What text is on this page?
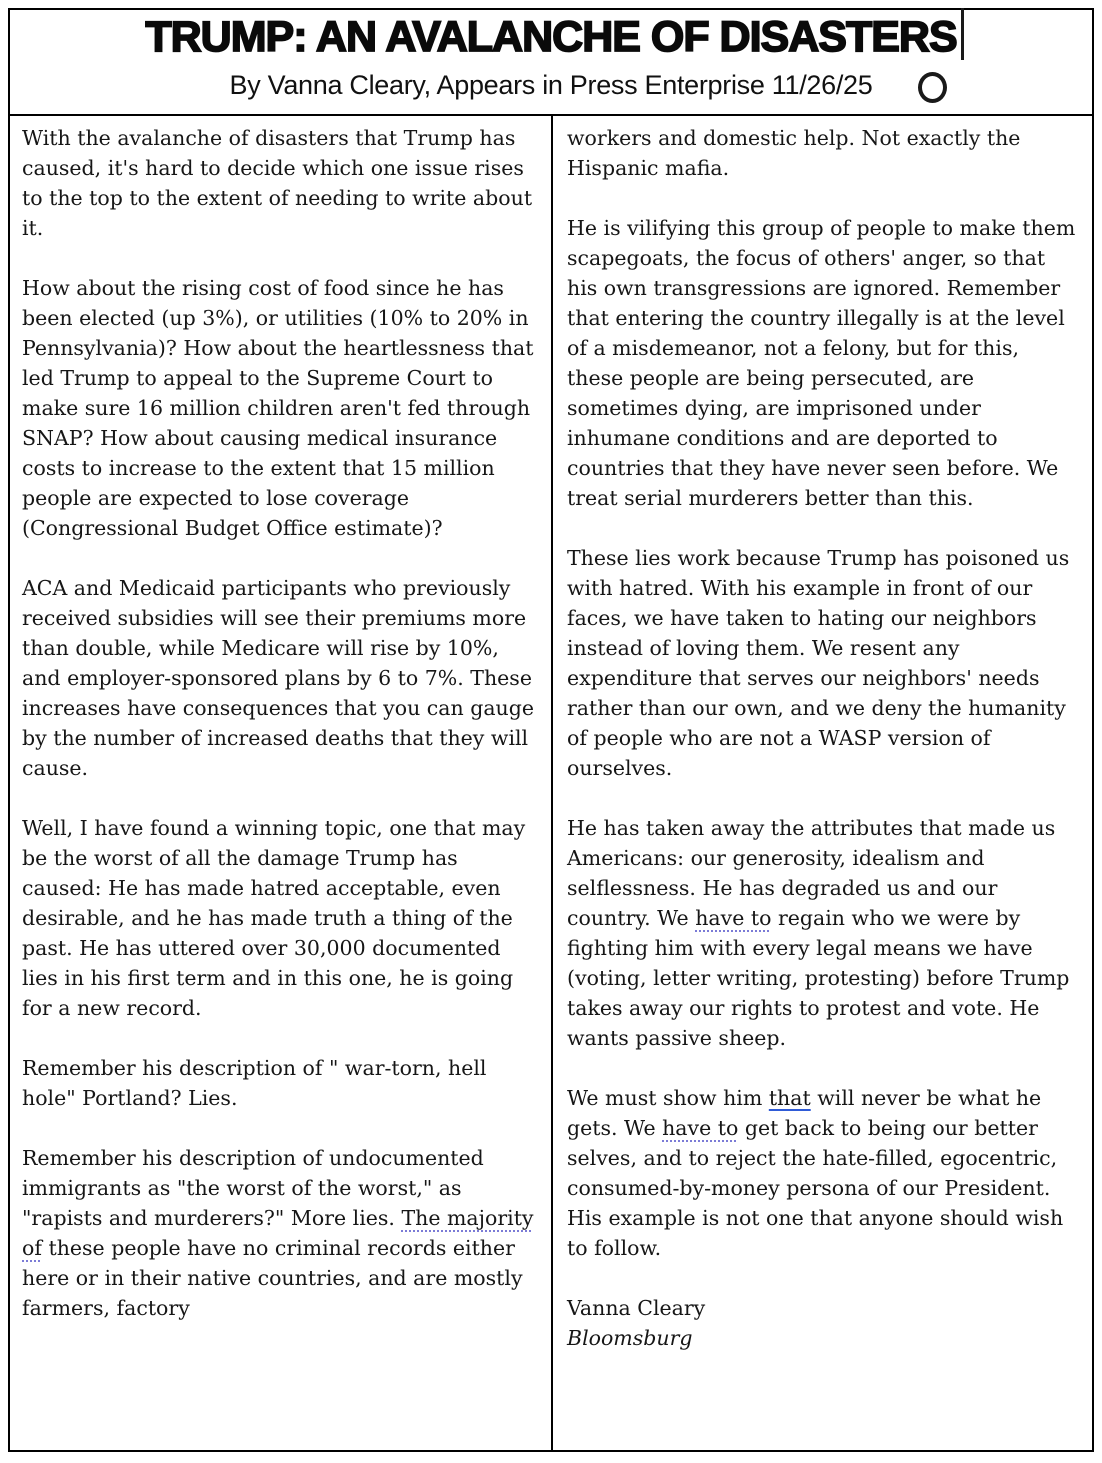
TRUMP: AN AVALANCHE OF DISASTERS
By Vanna Cleary, Appears in Press Enterprise 11/26/25

With the avalanche of disasters that Trump has caused, it's hard to decide which one issue rises to the top to the extent of needing to write about it.

How about the rising cost of food since he has been elected (up 3%), or utilities (10% to 20% in Pennsylvania)? How about the heartlessness that led Trump to appeal to the Supreme Court to make sure 16 million children aren't fed through SNAP? How about causing medical insurance costs to increase to the extent that 15 million people are expected to lose coverage (Congressional Budget Office estimate)?

ACA and Medicaid participants who previously received subsidies will see their premiums more than double, while Medicare will rise by 10%, and employer-sponsored plans by 6 to 7%. These increases have consequences that you can gauge by the number of increased deaths that they will cause.

Well, I have found a winning topic, one that may be the worst of all the damage Trump has caused: He has made hatred acceptable, even desirable, and he has made truth a thing of the past. He has uttered over 30,000 documented lies in his first term and in this one, he is going for a new record.

Remember his description of " war-torn, hell hole" Portland? Lies.

Remember his description of undocumented immigrants as "the worst of the worst," as "rapists and murderers?" More lies. The majority of these people have no criminal records either here or in their native countries, and are mostly farmers, factory

workers and domestic help. Not exactly the Hispanic mafia.

He is vilifying this group of people to make them scapegoats, the focus of others' anger, so that his own transgressions are ignored. Remember that entering the country illegally is at the level of a misdemeanor, not a felony, but for this, these people are being persecuted, are sometimes dying, are imprisoned under inhumane conditions and are deported to countries that they have never seen before. We treat serial murderers better than this.

These lies work because Trump has poisoned us with hatred. With his example in front of our faces, we have taken to hating our neighbors instead of loving them. We resent any expenditure that serves our neighbors' needs rather than our own, and we deny the humanity of people who are not a WASP version of ourselves.

He has taken away the attributes that made us Americans: our generosity, idealism and selflessness. He has degraded us and our country. We have to regain who we were by fighting him with every legal means we have (voting, letter writing, protesting) before Trump takes away our rights to protest and vote. He wants passive sheep.

We must show him that will never be what he gets. We have to get back to being our better selves, and to reject the hate-filled, egocentric, consumed-by-money persona of our President. His example is not one that anyone should wish to follow.

Vanna Cleary

Bloomsburg
